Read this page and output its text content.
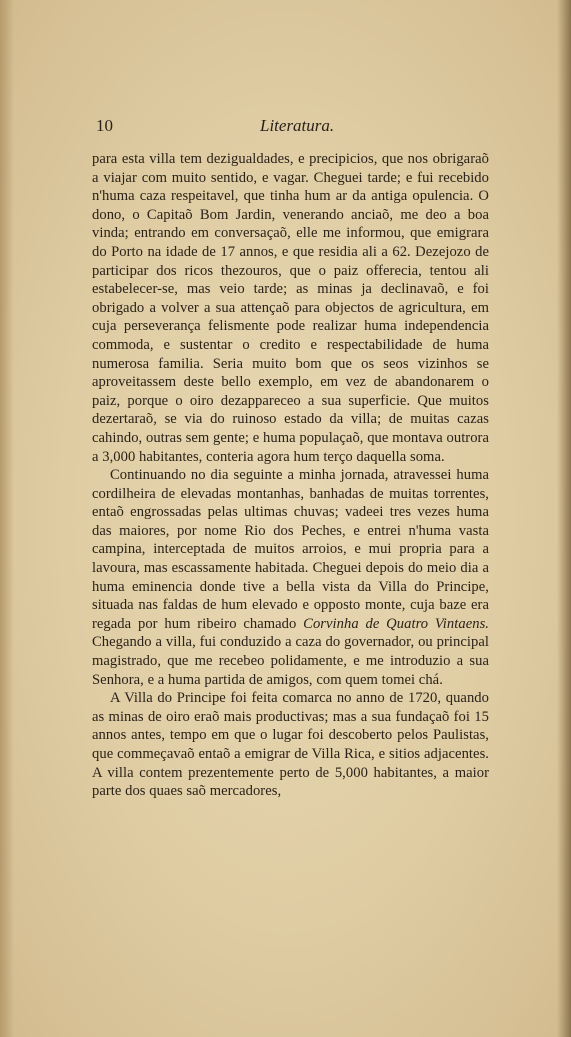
10	Literatura.

para esta villa tem dezigualdades, e precipicios, que nos obrigaraõ a viajar com muito sentido, e vagar. Cheguei tarde; e fui recebido n'huma caza respeitavel, que tinha hum ar da antiga opulencia. O dono, o Capitaõ Bom Jardin, venerando anciaõ, me deo a boa vinda; entrando em conversaçaõ, elle me informou, que emigrara do Porto na idade de 17 annos, e que residia ali a 62. Dezejozo de participar dos ricos thezouros, que o paiz offerecia, tentou ali estabelecer-se, mas veio tarde; as minas ja declinavaõ, e foi obrigado a volver a sua attençaõ para objectos de agricultura, em cuja perseverança felismente pode realizar huma independencia commoda, e sustentar o credito e respectabilidade de huma numerosa familia. Seria muito bom que os seos vizinhos se aproveitassem deste bello exemplo, em vez de abandonarem o paiz, porque o oiro dezappareceo a sua superficie. Que muitos dezertaraõ, se via do ruinoso estado da villa; de muitas cazas cahindo, outras sem gente; e huma populaçaõ, que montava outrora a 3,000 habitantes, conteria agora hum terço daquella soma.

Continuando no dia seguinte a minha jornada, atravessei huma cordilheira de elevadas montanhas, banhadas de muitas torrentes, entaõ engrossadas pelas ultimas chuvas; vadeei tres vezes huma das maiores, por nome Rio dos Peches, e entrei n'huma vasta campina, interceptada de muitos arroios, e mui propria para a lavoura, mas escassamente habitada. Cheguei depois do meio dia a huma eminencia donde tive a bella vista da Villa do Principe, situada nas faldas de hum elevado e opposto monte, cuja baze era regada por hum ribeiro chamado Corvinha de Quatro Vintaens. Chegando a villa, fui conduzido a caza do governador, ou principal magistrado, que me recebeo polidamente, e me introduzio a sua Senhora, e a huma partida de amigos, com quem tomei chá.

A Villa do Principe foi feita comarca no anno de 1720, quando as minas de oiro eraõ mais productivas; mas a sua fundaçaõ foi 15 annos antes, tempo em que o lugar foi descoberto pelos Paulistas, que commeçavaõ entaõ a emigrar de Villa Rica, e sitios adjacentes. A villa contem prezentemente perto de 5,000 habitantes, a maior parte dos quaes saõ mercadores,
